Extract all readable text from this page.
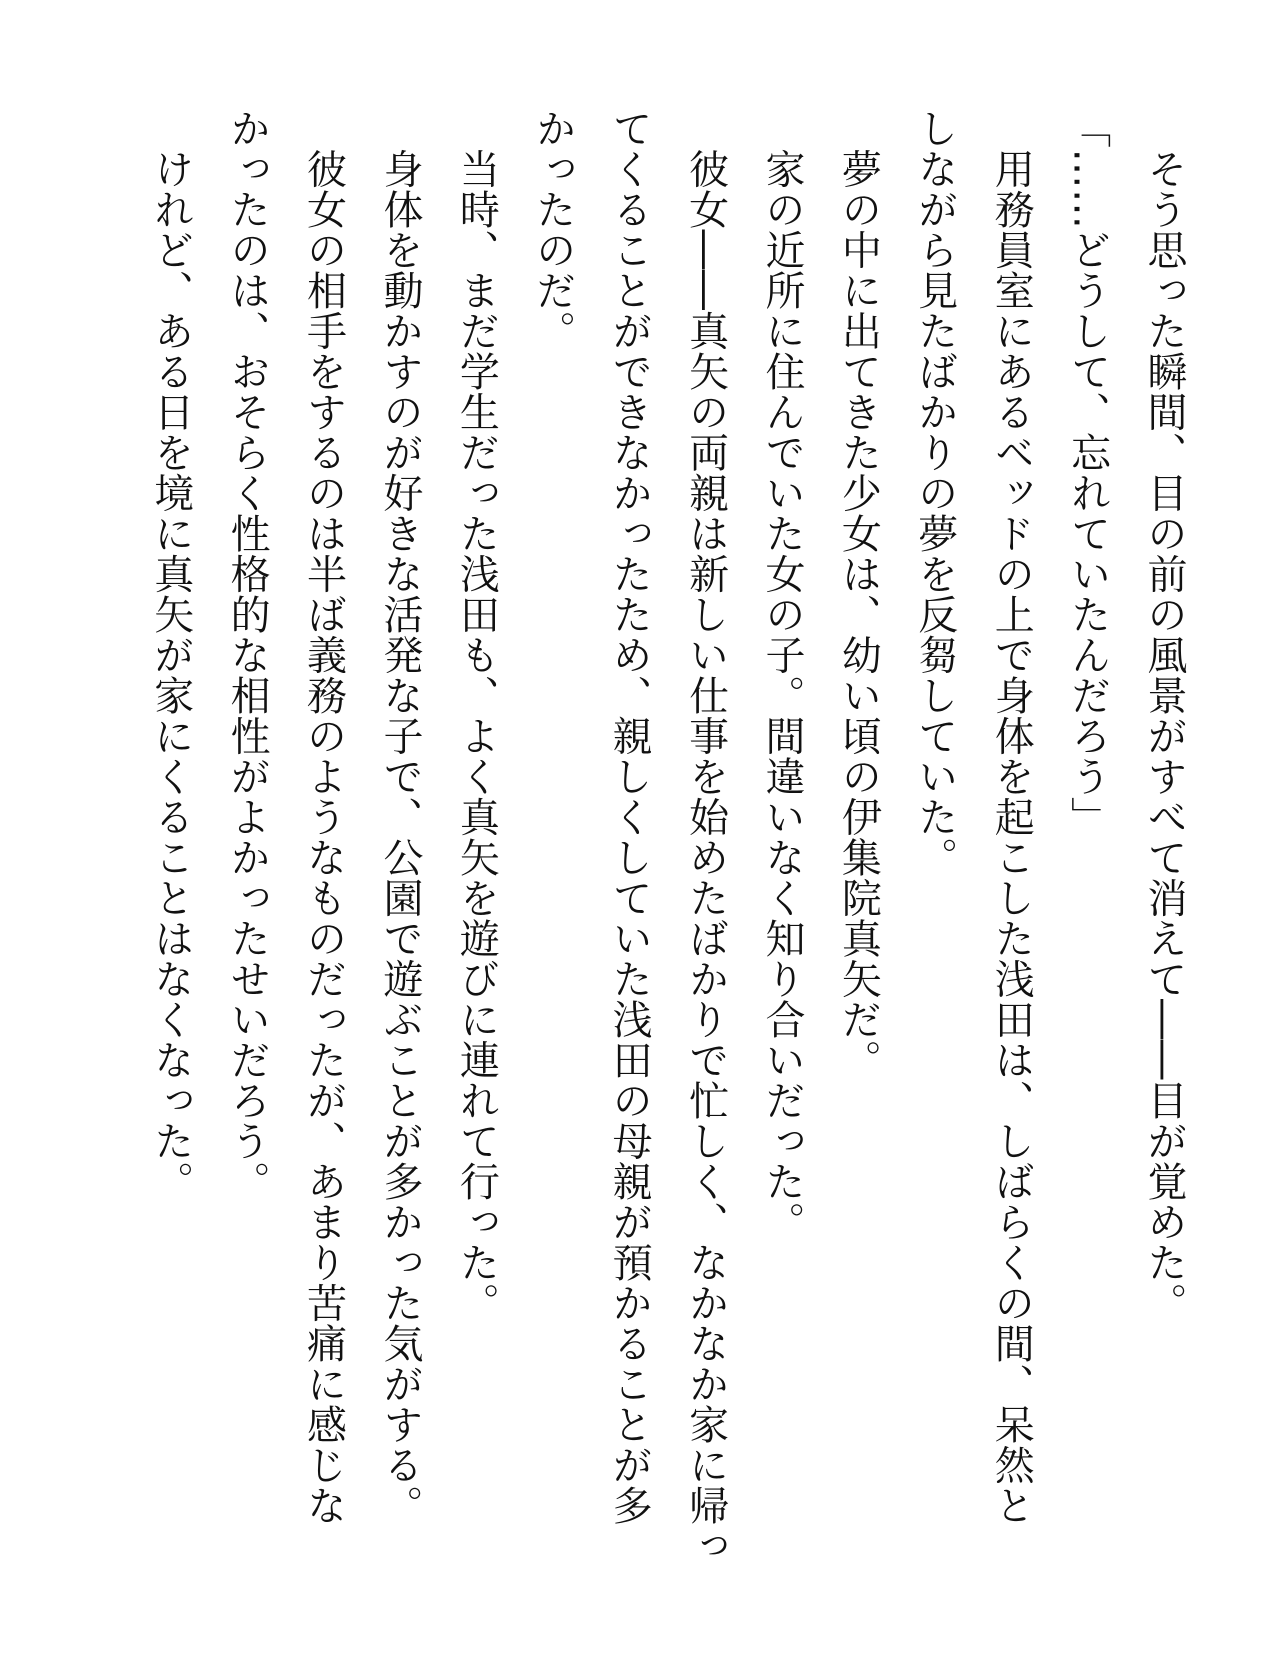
　そう思った瞬間、目の前の風景がすべて消えて――目が覚めた。

「……どうして、忘れていたんだろう」

　用務員室にあるベッドの上で身体を起こした浅田は、しばらくの間、呆然と

しながら見たばかりの夢を反芻していた。

　夢の中に出てきた少女は、幼い頃の伊集院真矢だ。

　家の近所に住んでいた女の子。間違いなく知り合いだった。

　彼女――真矢の両親は新しい仕事を始めたばかりで忙しく、なかなか家に帰っ

てくることができなかったため、親しくしていた浅田の母親が預かることが多

かったのだ。

　当時、まだ学生だった浅田も、よく真矢を遊びに連れて行った。

　身体を動かすのが好きな活発な子で、公園で遊ぶことが多かった気がする。

　彼女の相手をするのは半ば義務のようなものだったが、あまり苦痛に感じな

かったのは、おそらく性格的な相性がよかったせいだろう。

　けれど、ある日を境に真矢が家にくることはなくなった。
